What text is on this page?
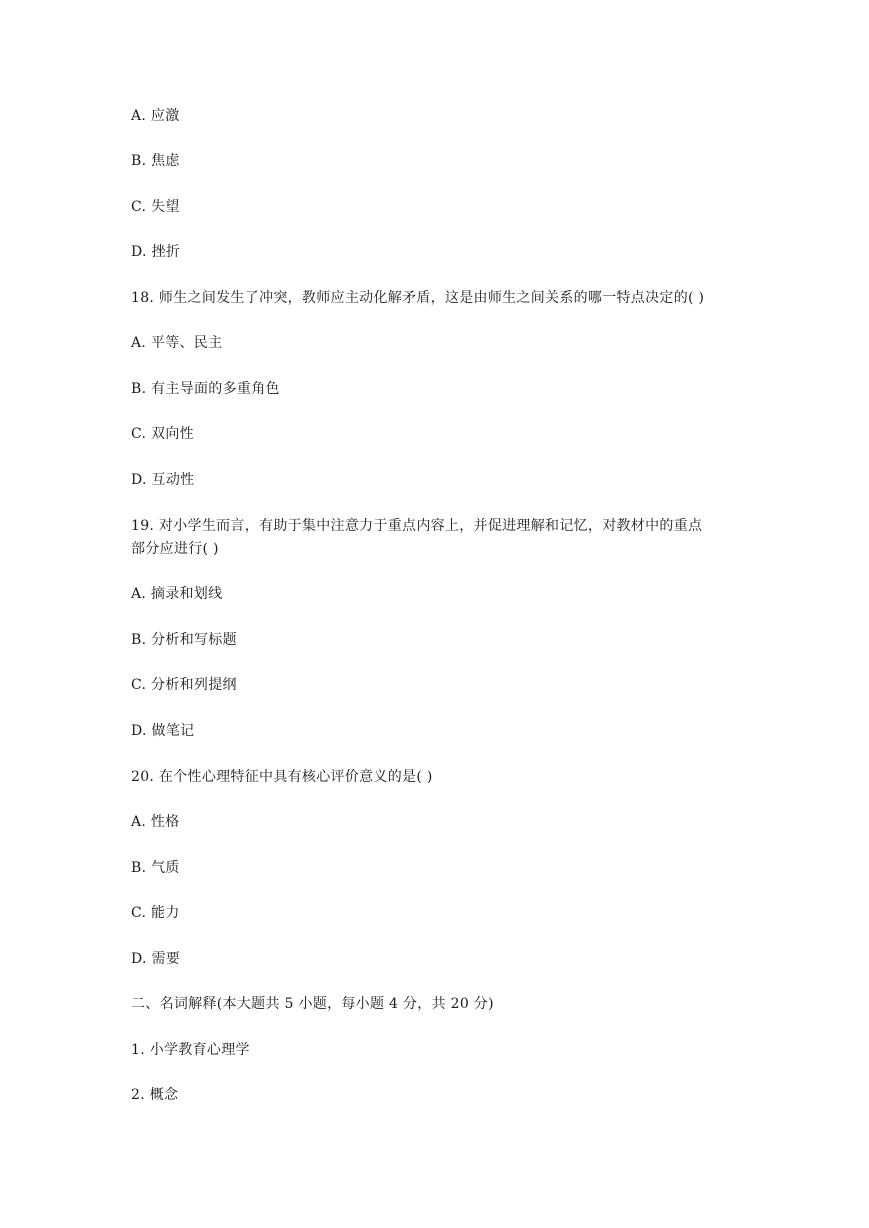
A. 应激
B. 焦虑
C. 失望
D. 挫折
18. 师生之间发生了冲突，教师应主动化解矛盾，这是由师生之间关系的哪一特点决定的( )
A. 平等、民主
B. 有主导面的多重角色
C. 双向性
D. 互动性
19. 对小学生而言，有助于集中注意力于重点内容上，并促进理解和记忆，对教材中的重点
部分应进行( )
A. 摘录和划线
B. 分析和写标题
C. 分析和列提纲
D. 做笔记
20. 在个性心理特征中具有核心评价意义的是( )
A. 性格
B. 气质
C. 能力
D. 需要
二、名词解释(本大题共 5 小题，每小题 4 分，共 20 分)
1. 小学教育心理学
2. 概念
